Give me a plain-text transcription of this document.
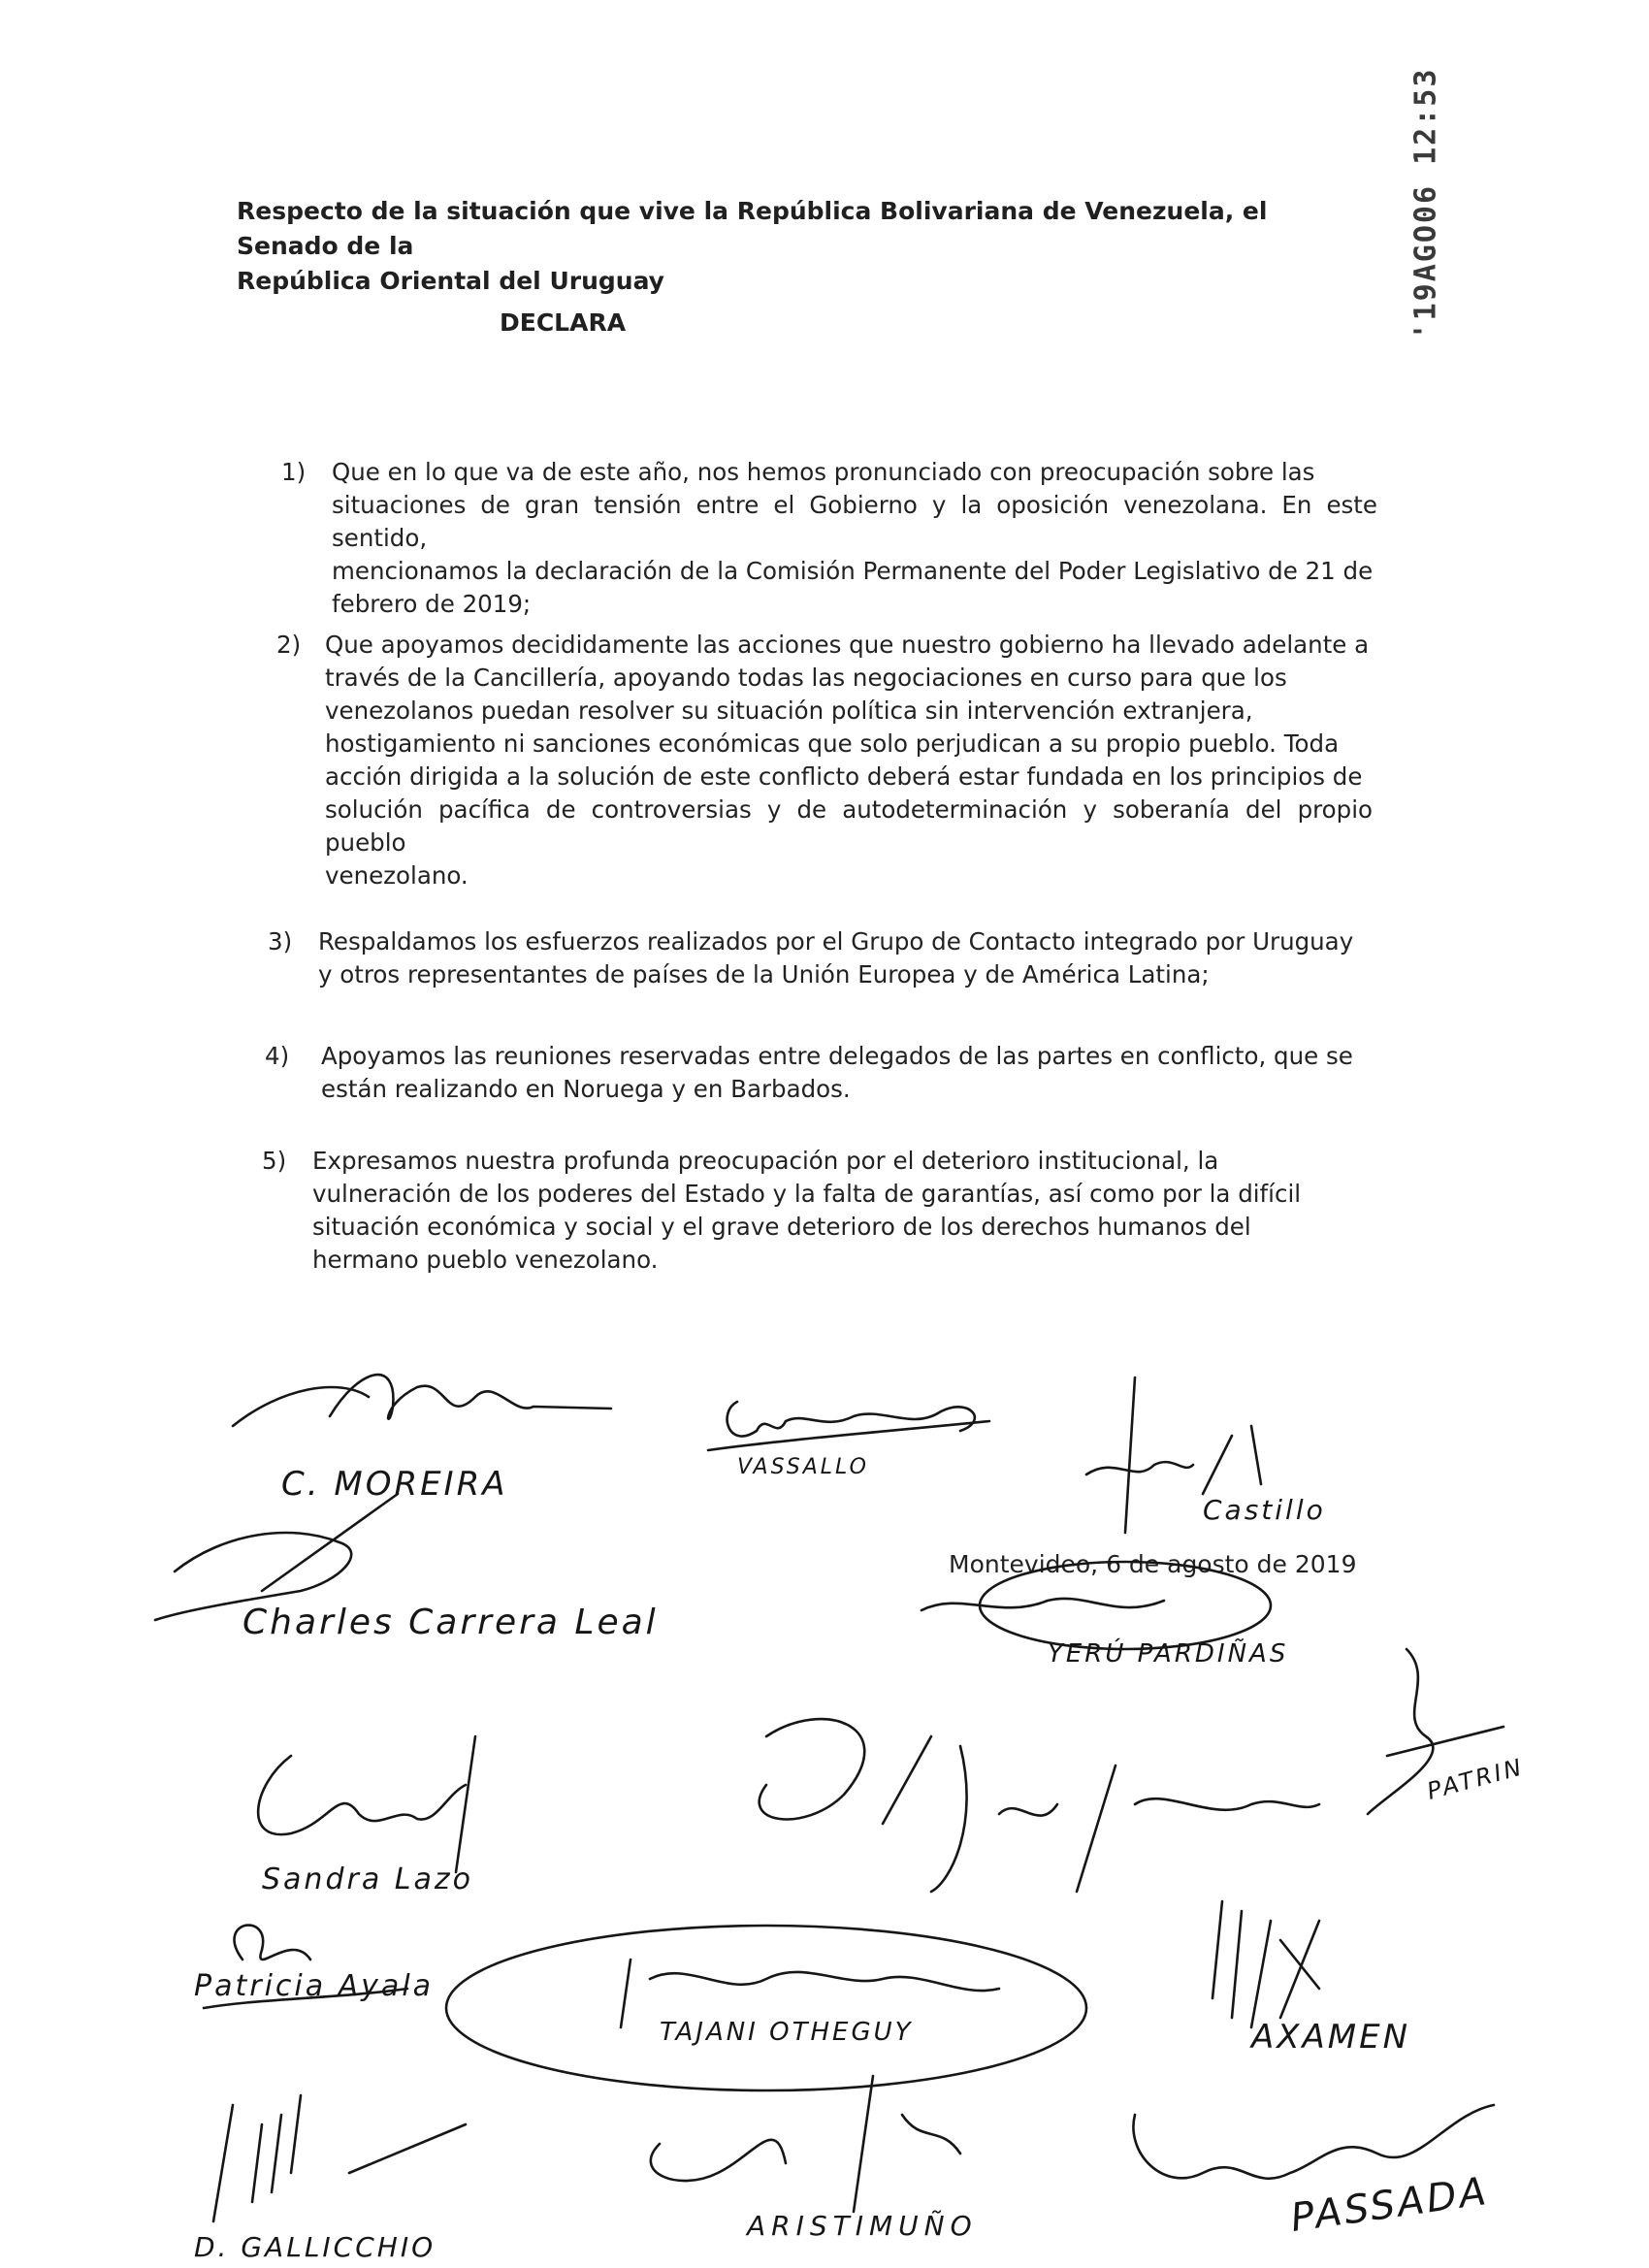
'19AGO06 12:53
Respecto de la situación que vive la República Bolivariana de Venezuela, el Senado de la
República Oriental del Uruguay
DECLARA
1) Que en lo que va de este año, nos hemos pronunciado con preocupación sobre las
situaciones de gran tensión entre el Gobierno y la oposición venezolana. En este sentido,
mencionamos la declaración de la Comisión Permanente del Poder Legislativo de 21 de
febrero de 2019;
2) Que apoyamos decididamente las acciones que nuestro gobierno ha llevado adelante a
través de la Cancillería, apoyando todas las negociaciones en curso para que los
venezolanos puedan resolver su situación política sin intervención extranjera,
hostigamiento ni sanciones económicas que solo perjudican a su propio pueblo. Toda
acción dirigida a la solución de este conflicto deberá estar fundada en los principios de
solución pacífica de controversias y de autodeterminación y soberanía del propio pueblo
venezolano.
3) Respaldamos los esfuerzos realizados por el Grupo de Contacto integrado por Uruguay
y otros representantes de países de la Unión Europea y de América Latina;
4) Apoyamos las reuniones reservadas entre delegados de las partes en conflicto, que se
están realizando en Noruega y en Barbados.
5) Expresamos nuestra profunda preocupación por el deterioro institucional, la
vulneración de los poderes del Estado y la falta de garantías, así como por la difícil
situación económica y social y el grave deterioro de los derechos humanos del
hermano pueblo venezolano.
Montevideo, 6 de agosto de 2019
C. MOREIRA	VASSALLO
Castillo
Charles Carrera Leal
YERÚ PARDIÑAS
Sandra Lazo
PATRIN
Patricia Ayala
TAJANI OTHEGUY	AXAMEN
ARISTIMUÑO	PASSADA
D. GALLICCHIO
